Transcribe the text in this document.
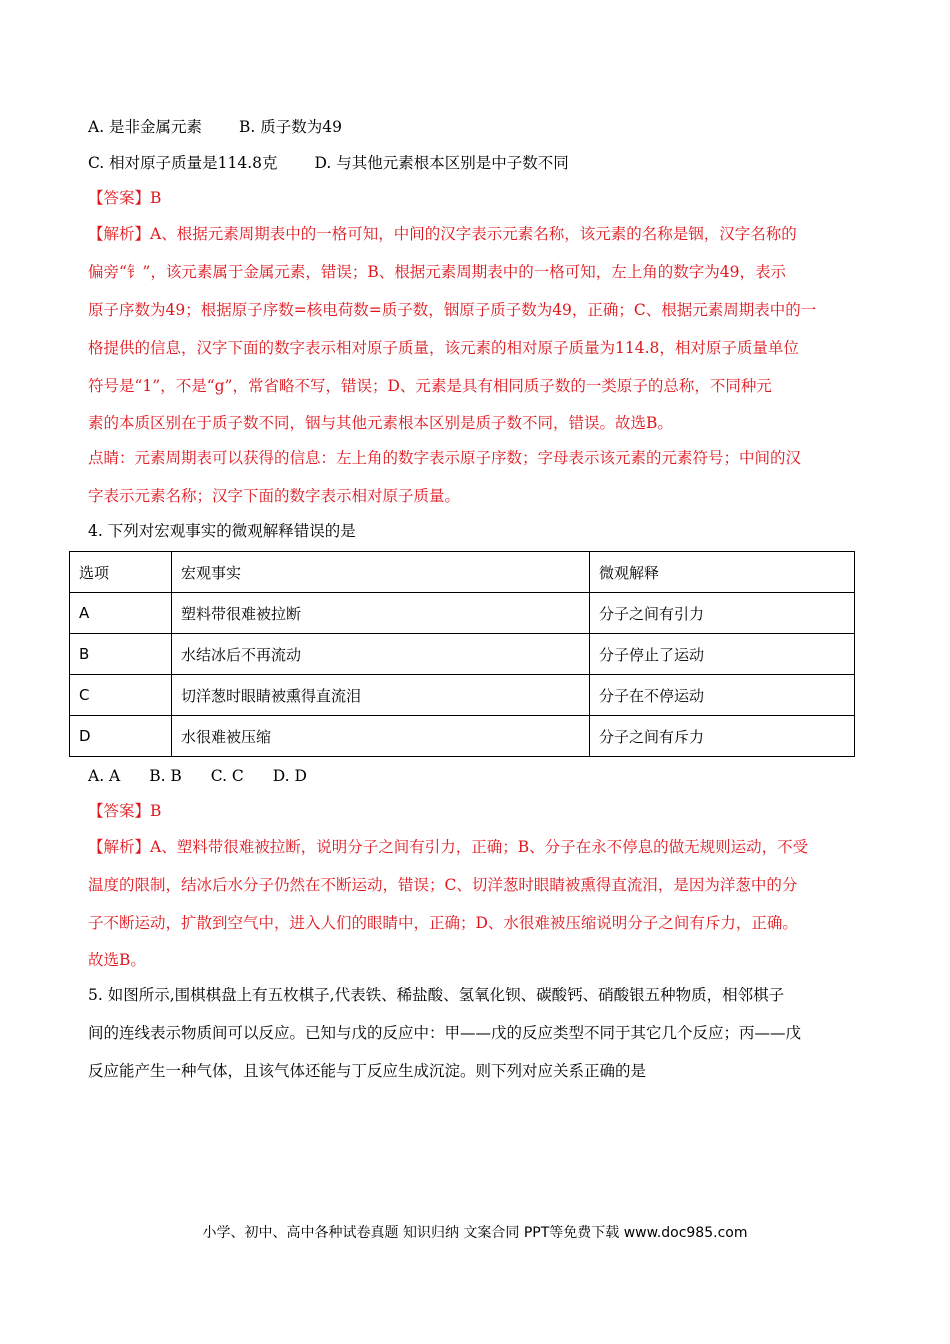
A. 是非金属元素 B. 质子数为49
C. 相对原子质量是114.8克 D. 与其他元素根本区别是中子数不同
【答案】B
【解析】A、根据元素周期表中的一格可知，中间的汉字表示元素名称，该元素的名称是铟，汉字名称的
偏旁“钅”，该元素属于金属元素，错误；B、根据元素周期表中的一格可知，左上角的数字为49，表示
原子序数为49；根据原子序数=核电荷数=质子数，铟原子质子数为49，正确；C、根据元素周期表中的一
格提供的信息，汉字下面的数字表示相对原子质量，该元素的相对原子质量为114.8，相对原子质量单位
符号是“1”，不是“g”，常省略不写，错误；D、元素是具有相同质子数的一类原子的总称，不同种元
素的本质区别在于质子数不同，铟与其他元素根本区别是质子数不同，错误。故选B。
点睛：元素周期表可以获得的信息：左上角的数字表示原子序数；字母表示该元素的元素符号；中间的汉
字表示元素名称；汉字下面的数字表示相对原子质量。
4. 下列对宏观事实的微观解释错误的是
选项	宏观事实	微观解释
A	塑料带很难被拉断	分子之间有引力
B	水结冰后不再流动	分子停止了运动
C	切洋葱时眼睛被熏得直流泪	分子在不停运动
D	水很难被压缩	分子之间有斥力
A. A B. B C. C D. D
【答案】B
【解析】A、塑料带很难被拉断，说明分子之间有引力，正确；B、分子在永不停息的做无规则运动，不受
温度的限制，结冰后水分子仍然在不断运动，错误；C、切洋葱时眼睛被熏得直流泪，是因为洋葱中的分
子不断运动，扩散到空气中，进入人们的眼睛中，正确；D、水很难被压缩说明分子之间有斥力，正确。
故选B。
5. 如图所示,围棋棋盘上有五枚棋子,代表铁、稀盐酸、氢氧化钡、碳酸钙、硝酸银五种物质，相邻棋子
间的连线表示物质间可以反应。已知与戊的反应中：甲——戊的反应类型不同于其它几个反应；丙——戊
反应能产生一种气体，且该气体还能与丁反应生成沉淀。则下列对应关系正确的是
小学、初中、高中各种试卷真题 知识归纳 文案合同 PPT等免费下载 www.doc985.com
